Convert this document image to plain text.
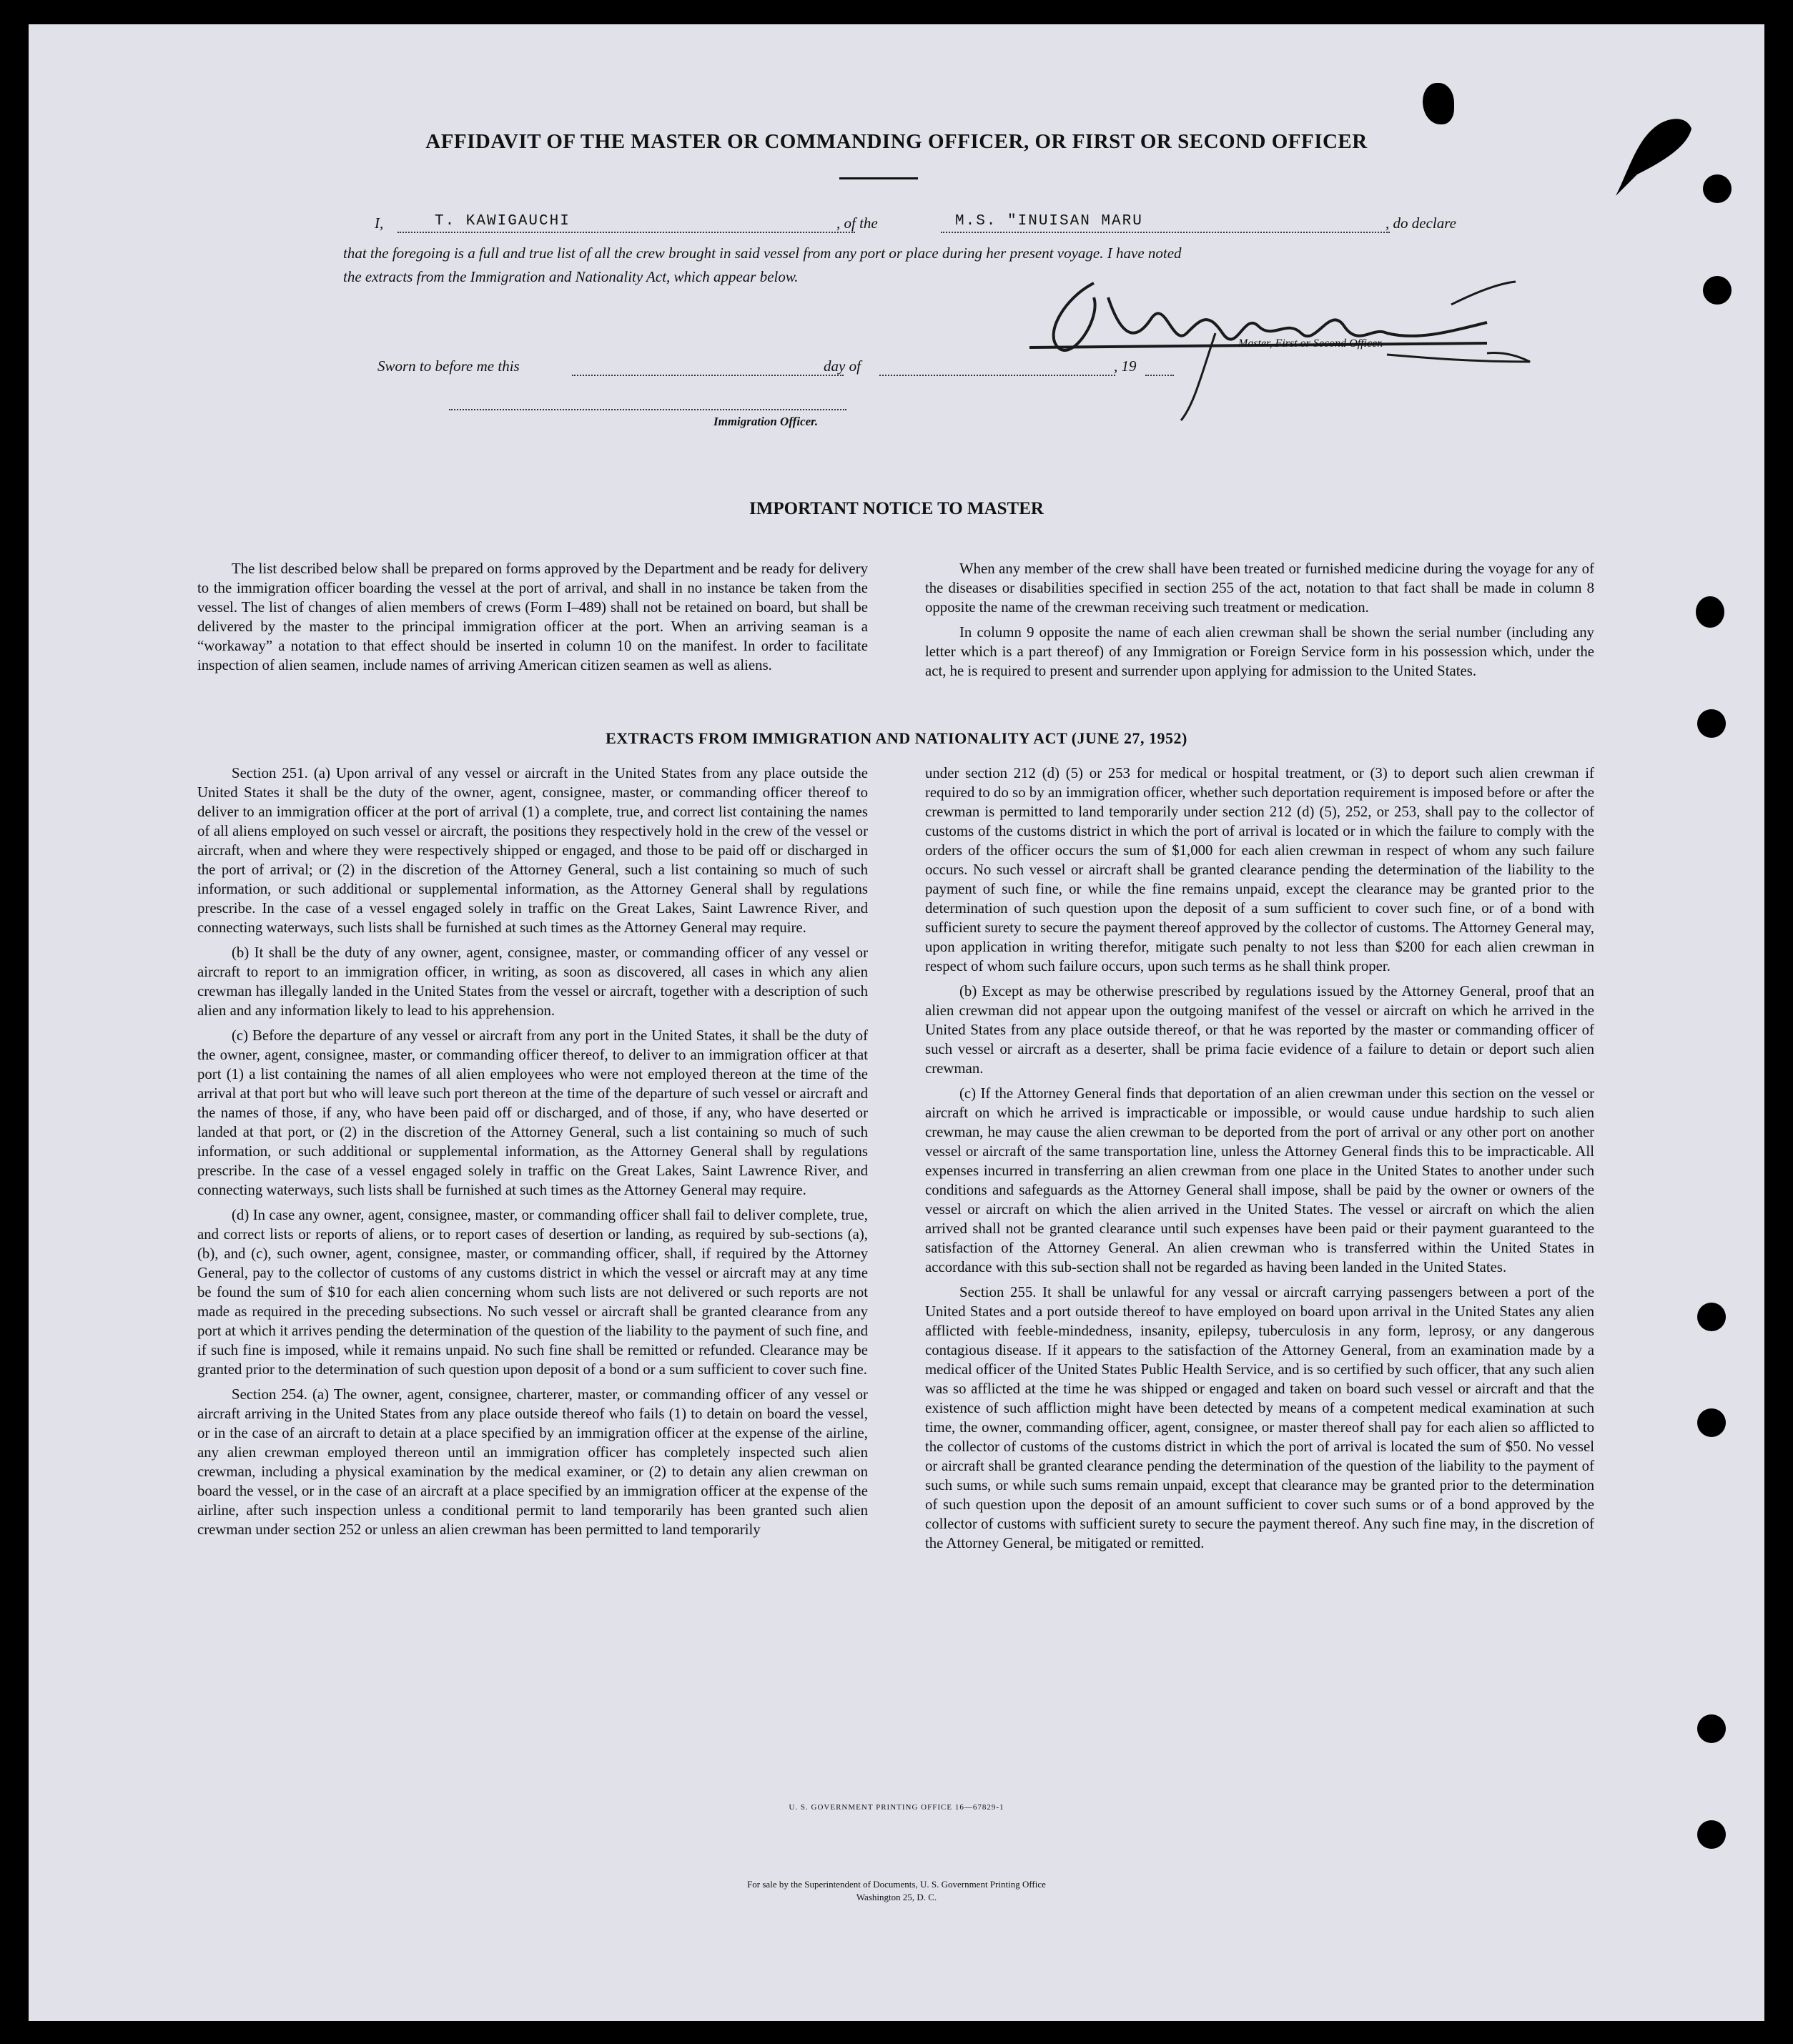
AFFIDAVIT OF THE MASTER OR COMMANDING OFFICER, OR FIRST OR SECOND OFFICER
I,	T. KAWIGAUCHI	, of the	M.S. "INUISAN MARU	, do declare
that the foregoing is a full and true list of all the crew brought in said vessel from any port or place during her present voyage. I have noted
the extracts from the Immigration and Nationality Act, which appear below.
Master, First or Second Officer.
Sworn to before me this	day of	, 19
Immigration Officer.
IMPORTANT NOTICE TO MASTER

The list described below shall be prepared on forms approved by the Department and be ready for delivery to the immigration officer boarding the vessel at the port of arrival, and shall in no instance be taken from the vessel. The list of changes of alien members of crews (Form I–489) shall not be retained on board, but shall be delivered by the master to the principal immigration officer at the port. When an arriving seaman is a “workaway” a notation to that effect should be inserted in column 10 on the manifest. In order to facilitate inspection of alien seamen, include names of arriving American citizen seamen as well as aliens.

When any member of the crew shall have been treated or furnished medicine during the voyage for any of the diseases or disabilities specified in section 255 of the act, notation to that fact shall be made in column 8 opposite the name of the crewman receiving such treatment or medication.

In column 9 opposite the name of each alien crewman shall be shown the serial number (including any letter which is a part thereof) of any Immigration or Foreign Service form in his possession which, under the act, he is required to present and surrender upon applying for admission to the United States.

EXTRACTS FROM IMMIGRATION AND NATIONALITY ACT (JUNE 27, 1952)

Section 251. (a) Upon arrival of any vessel or aircraft in the United States from any place outside the United States it shall be the duty of the owner, agent, consignee, master, or commanding officer thereof to deliver to an immigration officer at the port of arrival (1) a complete, true, and correct list containing the names of all aliens employed on such vessel or aircraft, the positions they respectively hold in the crew of the vessel or aircraft, when and where they were respectively shipped or engaged, and those to be paid off or discharged in the port of arrival; or (2) in the discretion of the Attorney General, such a list containing so much of such information, or such additional or supplemental information, as the Attorney General shall by regulations prescribe. In the case of a vessel engaged solely in traffic on the Great Lakes, Saint Lawrence River, and connecting waterways, such lists shall be furnished at such times as the Attorney General may require.

(b) It shall be the duty of any owner, agent, consignee, master, or commanding officer of any vessel or aircraft to report to an immigration officer, in writing, as soon as discovered, all cases in which any alien crewman has illegally landed in the United States from the vessel or aircraft, together with a description of such alien and any information likely to lead to his apprehension.

(c) Before the departure of any vessel or aircraft from any port in the United States, it shall be the duty of the owner, agent, consignee, master, or commanding officer thereof, to deliver to an immigration officer at that port (1) a list containing the names of all alien employees who were not employed thereon at the time of the arrival at that port but who will leave such port thereon at the time of the departure of such vessel or aircraft and the names of those, if any, who have been paid off or discharged, and of those, if any, who have deserted or landed at that port, or (2) in the discretion of the Attorney General, such a list containing so much of such information, or such additional or supplemental information, as the Attorney General shall by regulations prescribe. In the case of a vessel engaged solely in traffic on the Great Lakes, Saint Lawrence River, and connecting waterways, such lists shall be furnished at such times as the Attorney General may require.

(d) In case any owner, agent, consignee, master, or commanding officer shall fail to deliver complete, true, and correct lists or reports of aliens, or to report cases of desertion or landing, as required by sub-sections (a), (b), and (c), such owner, agent, consignee, master, or commanding officer, shall, if required by the Attorney General, pay to the collector of customs of any customs district in which the vessel or aircraft may at any time be found the sum of $10 for each alien concerning whom such lists are not delivered or such reports are not made as required in the preceding subsections. No such vessel or aircraft shall be granted clearance from any port at which it arrives pending the determination of the question of the liability to the payment of such fine, and if such fine is imposed, while it remains unpaid. No such fine shall be remitted or refunded. Clearance may be granted prior to the determination of such question upon deposit of a bond or a sum sufficient to cover such fine.

Section 254. (a) The owner, agent, consignee, charterer, master, or commanding officer of any vessel or aircraft arriving in the United States from any place outside thereof who fails (1) to detain on board the vessel, or in the case of an aircraft to detain at a place specified by an immigration officer at the expense of the airline, any alien crewman employed thereon until an immigration officer has completely inspected such alien crewman, including a physical examination by the medical examiner, or (2) to detain any alien crewman on board the vessel, or in the case of an aircraft at a place specified by an immigration officer at the expense of the airline, after such inspection unless a conditional permit to land temporarily has been granted such alien crewman under section 252 or unless an alien crewman has been permitted to land temporarily

under section 212 (d) (5) or 253 for medical or hospital treatment, or (3) to deport such alien crewman if required to do so by an immigration officer, whether such deportation requirement is imposed before or after the crewman is permitted to land temporarily under section 212 (d) (5), 252, or 253, shall pay to the collector of customs of the customs district in which the port of arrival is located or in which the failure to comply with the orders of the officer occurs the sum of $1,000 for each alien crewman in respect of whom any such failure occurs. No such vessel or aircraft shall be granted clearance pending the determination of the liability to the payment of such fine, or while the fine remains unpaid, except the clearance may be granted prior to the determination of such question upon the deposit of a sum sufficient to cover such fine, or of a bond with sufficient surety to secure the payment thereof approved by the collector of customs. The Attorney General may, upon application in writing therefor, mitigate such penalty to not less than $200 for each alien crewman in respect of whom such failure occurs, upon such terms as he shall think proper.

(b) Except as may be otherwise prescribed by regulations issued by the Attorney General, proof that an alien crewman did not appear upon the outgoing manifest of the vessel or aircraft on which he arrived in the United States from any place outside thereof, or that he was reported by the master or commanding officer of such vessel or aircraft as a deserter, shall be prima facie evidence of a failure to detain or deport such alien crewman.

(c) If the Attorney General finds that deportation of an alien crewman under this section on the vessel or aircraft on which he arrived is impracticable or impossible, or would cause undue hardship to such alien crewman, he may cause the alien crewman to be deported from the port of arrival or any other port on another vessel or aircraft of the same transportation line, unless the Attorney General finds this to be impracticable. All expenses incurred in transferring an alien crewman from one place in the United States to another under such conditions and safeguards as the Attorney General shall impose, shall be paid by the owner or owners of the vessel or aircraft on which the alien arrived in the United States. The vessel or aircraft on which the alien arrived shall not be granted clearance until such expenses have been paid or their payment guaranteed to the satisfaction of the Attorney General. An alien crewman who is transferred within the United States in accordance with this sub-section shall not be regarded as having been landed in the United States.

Section 255. It shall be unlawful for any vessal or aircraft carrying passengers between a port of the United States and a port outside thereof to have employed on board upon arrival in the United States any alien afflicted with feeble-mindedness, insanity, epilepsy, tuberculosis in any form, leprosy, or any dangerous contagious disease. If it appears to the satisfaction of the Attorney General, from an examination made by a medical officer of the United States Public Health Service, and is so certified by such officer, that any such alien was so afflicted at the time he was shipped or engaged and taken on board such vessel or aircraft and that the existence of such affliction might have been detected by means of a competent medical examination at such time, the owner, commanding officer, agent, consignee, or master thereof shall pay for each alien so afflicted to the collector of customs of the customs district in which the port of arrival is located the sum of $50. No vessel or aircraft shall be granted clearance pending the determination of the question of the liability to the payment of such sums, or while such sums remain unpaid, except that clearance may be granted prior to the determination of such question upon the deposit of an amount sufficient to cover such sums or of a bond approved by the collector of customs with sufficient surety to secure the payment thereof. Any such fine may, in the discretion of the Attorney General, be mitigated or remitted.

U. S. GOVERNMENT PRINTING OFFICE 16—67829-1
For sale by the Superintendent of Documents, U. S. Government Printing Office
Washington 25, D. C.
